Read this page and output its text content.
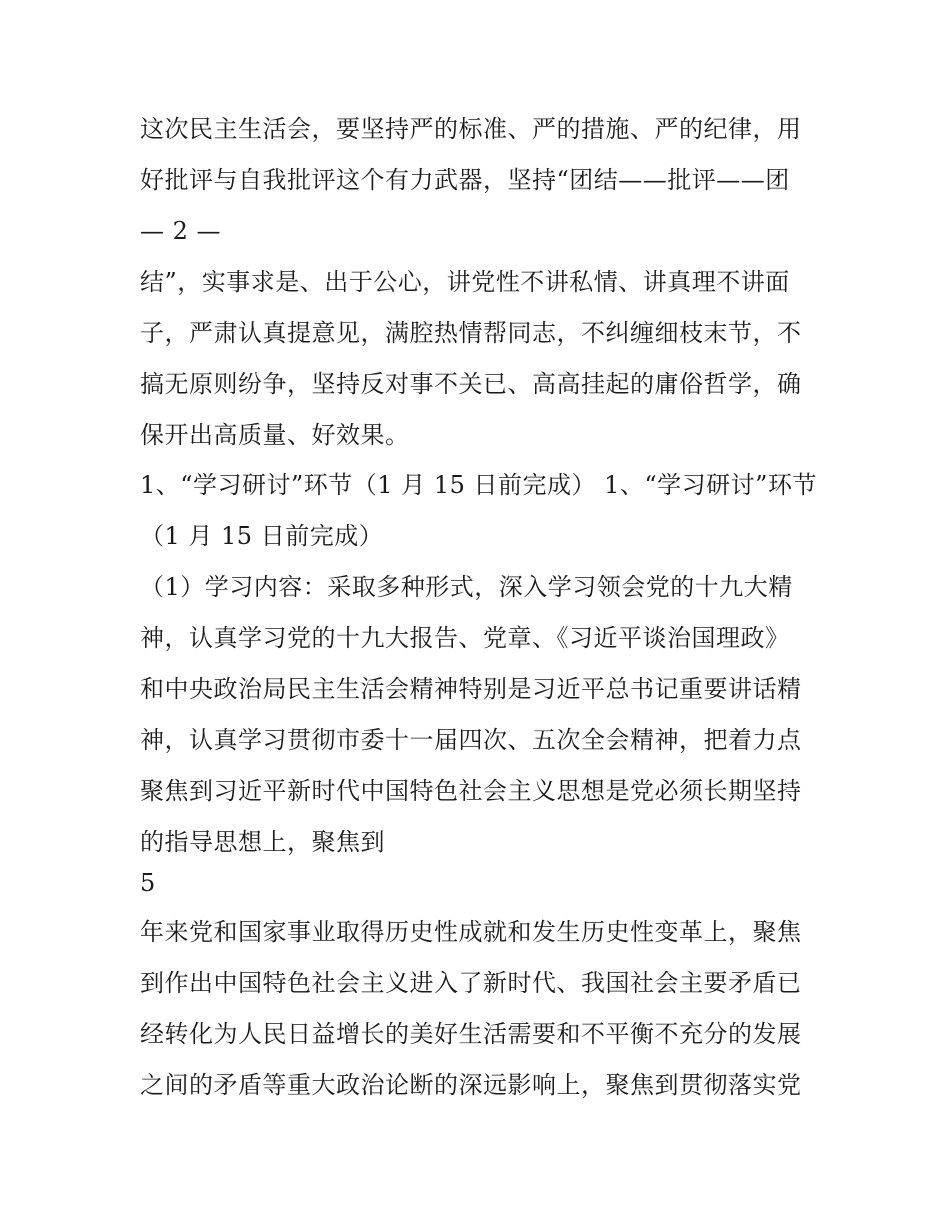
这次民主生活会，要坚持严的标准、严的措施、严的纪律，用
好批评与自我批评这个有力武器，坚持“团结——批评——团
— 2 —
结”，实事求是、出于公心，讲党性不讲私情、讲真理不讲面
子，严肃认真提意见，满腔热情帮同志，不纠缠细枝末节，不
搞无原则纷争，坚持反对事不关已、高高挂起的庸俗哲学，确
保开出高质量、好效果。
1、“学习研讨”环节（1 月 15 日前完成） 1、“学习研讨”环节
（1 月 15 日前完成）
（1）学习内容：采取多种形式，深入学习领会党的十九大精
神，认真学习党的十九大报告、党章、《习近平谈治国理政》
和中央政治局民主生活会精神特别是习近平总书记重要讲话精
神，认真学习贯彻市委十一届四次、五次全会精神，把着力点
聚焦到习近平新时代中国特色社会主义思想是党必须长期坚持
的指导思想上，聚焦到
5
年来党和国家事业取得历史性成就和发生历史性变革上，聚焦
到作出中国特色社会主义进入了新时代、我国社会主要矛盾已
经转化为人民日益增长的美好生活需要和不平衡不充分的发展
之间的矛盾等重大政治论断的深远影响上，聚焦到贯彻落实党
